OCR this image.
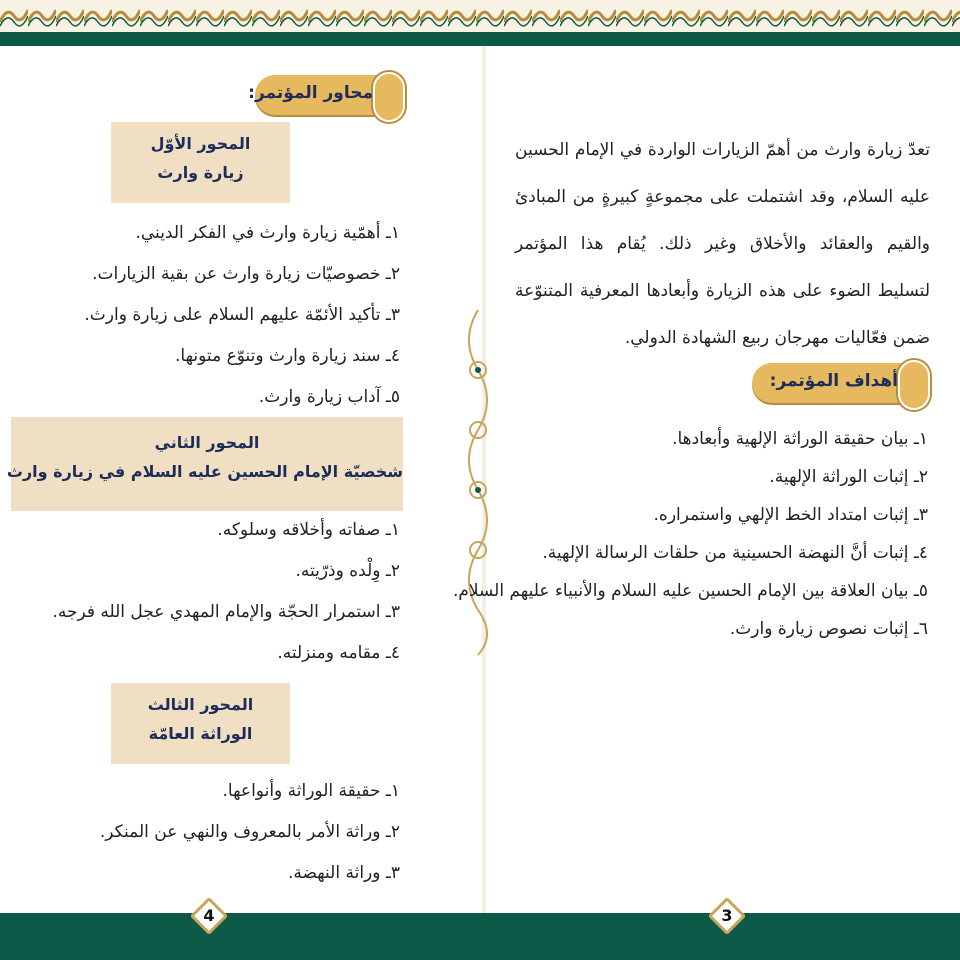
تعدّ زيارة وارث من أهمّ الزيارات الواردة في الإمام الحسين عليه السلام، وقد اشتملت على مجموعةٍ كبيرةٍ من المبادئ والقيم والعقائد والأخلاق وغير ذلك. يُقام هذا المؤتمر لتسليط الضوء على هذه الزيارة وأبعادها المعرفية المتنوّعة ضمن فعّاليات مهرجان ربيع الشهادة الدولي.

أهداف المؤتمر:
١ـ بيان حقيقة الوراثة الإلهية وأبعادها.
٢ـ إثبات الوراثة الإلهية.
٣ـ إثبات امتداد الخط الإلهي واستمراره.
٤ـ إثبات أنَّ النهضة الحسينية من حلقات الرسالة الإلهية.
٥ـ بيان العلاقة بين الإمام الحسين عليه السلام والأنبياء عليهم السلام.
٦ـ إثبات نصوص زيارة وارث.
محاور المؤتمر:
المحور الأوّل
زيارة وارث
١ـ أهمّية زيارة وارث في الفكر الديني.
٢ـ خصوصيّات زيارة وارث عن بقية الزيارات.
٣ـ تأكيد الأئمّة عليهم السلام على زيارة وارث.
٤ـ سند زيارة وارث وتنوّع متونها.
٥ـ آداب زيارة وارث.
المحور الثاني
شخصيّة الإمام الحسين عليه السلام في زيارة وارث
١ـ صفاته وأخلاقه وسلوكه.
٢ـ وِلْده وذرّيته.
٣ـ استمرار الحجّة والإمام المهدي عجل الله فرجه.
٤ـ مقامه ومنزلته.
المحور الثالث
الوراثة العامّة
١ـ حقيقة الوراثة وأنواعها.
٢ـ وراثة الأمر بالمعروف والنهي عن المنكر.
٣ـ وراثة النهضة.
4	3
